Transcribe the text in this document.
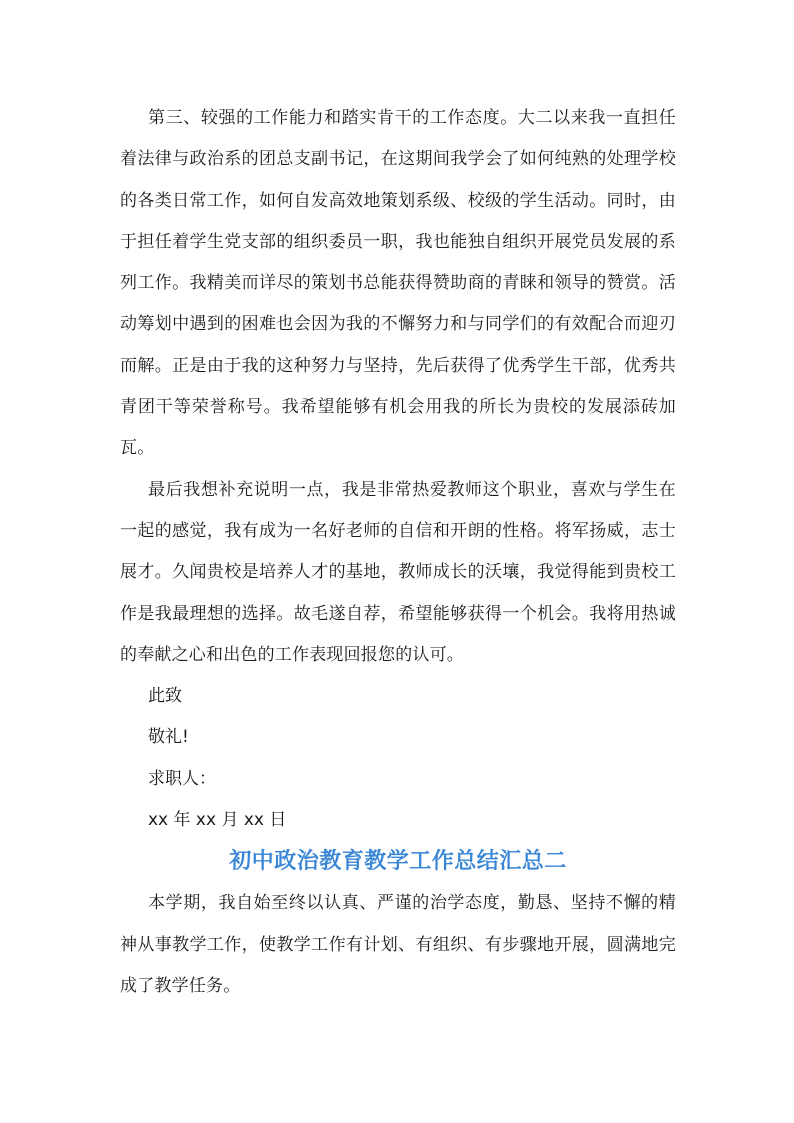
第三、较强的工作能力和踏实肯干的工作态度。大二以来我一直担任着法律与政治系的团总支副书记，在这期间我学会了如何纯熟的处理学校的各类日常工作，如何自发高效地策划系级、校级的学生活动。同时，由于担任着学生党支部的组织委员一职，我也能独自组织开展党员发展的系列工作。我精美而详尽的策划书总能获得赞助商的青睐和领导的赞赏。活动筹划中遇到的困难也会因为我的不懈努力和与同学们的有效配合而迎刃而解。正是由于我的这种努力与坚持，先后获得了优秀学生干部，优秀共青团干等荣誉称号。我希望能够有机会用我的所长为贵校的发展添砖加瓦。

最后我想补充说明一点，我是非常热爱教师这个职业，喜欢与学生在一起的感觉，我有成为一名好老师的自信和开朗的性格。将军扬威，志士展才。久闻贵校是培养人才的基地，教师成长的沃壤，我觉得能到贵校工作是我最理想的选择。故毛遂自荐，希望能够获得一个机会。我将用热诚的奉献之心和出色的工作表现回报您的认可。

此致

敬礼!

求职人：

xx 年 xx 月 xx 日

初中政治教育教学工作总结汇总二

本学期，我自始至终以认真、严谨的治学态度，勤恳、坚持不懈的精神从事教学工作，使教学工作有计划、有组织、有步骤地开展，圆满地完成了教学任务。
